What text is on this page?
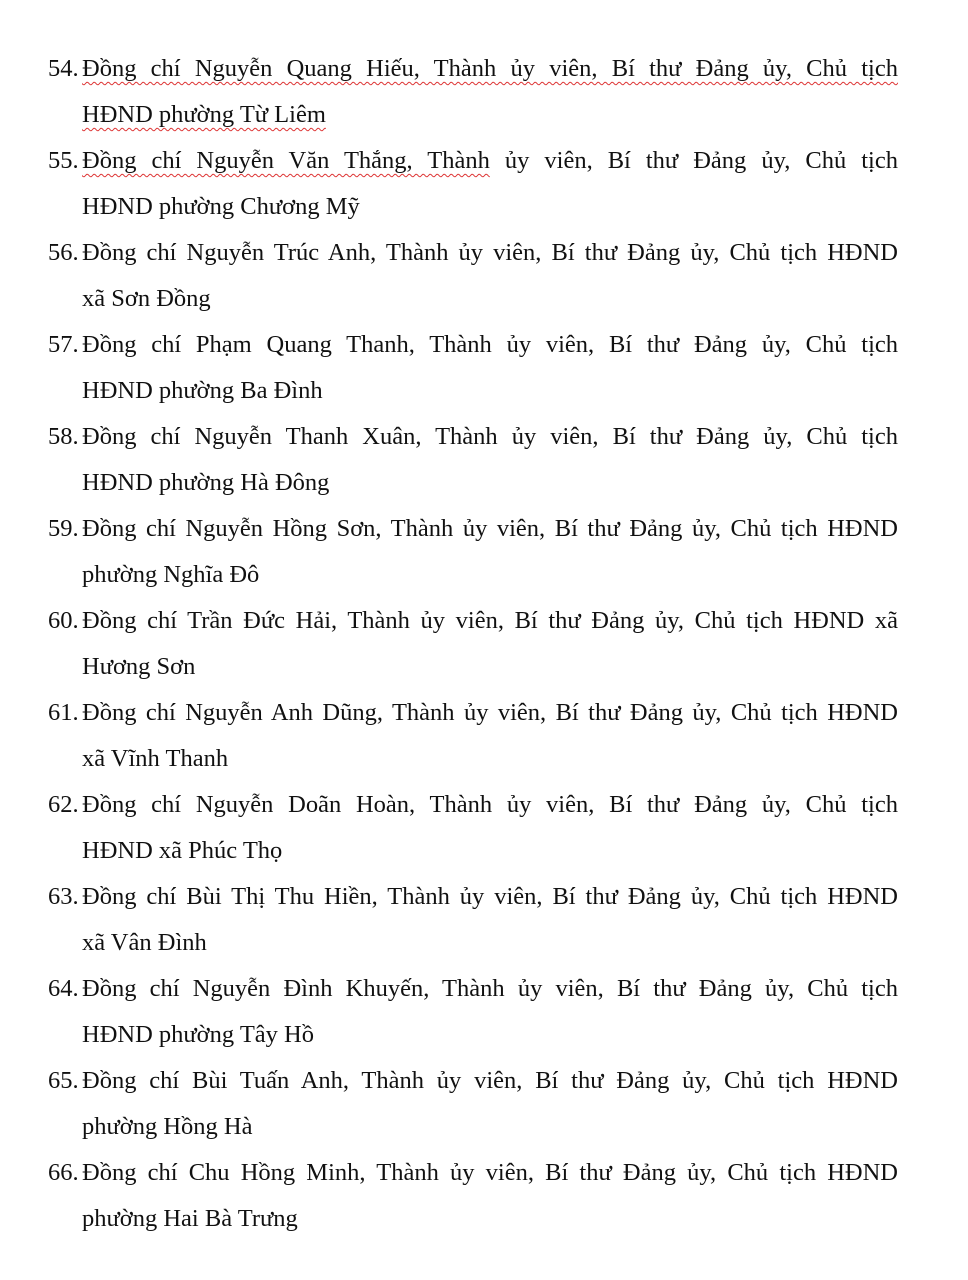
54. Đồng chí Nguyễn Quang Hiếu, Thành ủy viên, Bí thư Đảng ủy, Chủ tịch
HĐND phường Từ Liêm
55. Đồng chí Nguyễn Văn Thắng, Thành ủy viên, Bí thư Đảng ủy, Chủ tịch
HĐND phường Chương Mỹ
56. Đồng chí Nguyễn Trúc Anh, Thành ủy viên, Bí thư Đảng ủy, Chủ tịch HĐND
xã Sơn Đồng
57. Đồng chí Phạm Quang Thanh, Thành ủy viên, Bí thư Đảng ủy, Chủ tịch
HĐND phường Ba Đình
58. Đồng chí Nguyễn Thanh Xuân, Thành ủy viên, Bí thư Đảng ủy, Chủ tịch
HĐND phường Hà Đông
59. Đồng chí Nguyễn Hồng Sơn, Thành ủy viên, Bí thư Đảng ủy, Chủ tịch HĐND
phường Nghĩa Đô
60. Đồng chí Trần Đức Hải, Thành ủy viên, Bí thư Đảng ủy, Chủ tịch HĐND xã
Hương Sơn
61. Đồng chí Nguyễn Anh Dũng, Thành ủy viên, Bí thư Đảng ủy, Chủ tịch HĐND
xã Vĩnh Thanh
62. Đồng chí Nguyễn Doãn Hoàn, Thành ủy viên, Bí thư Đảng ủy, Chủ tịch
HĐND xã Phúc Thọ
63. Đồng chí Bùi Thị Thu Hiền, Thành ủy viên, Bí thư Đảng ủy, Chủ tịch HĐND
xã Vân Đình
64. Đồng chí Nguyễn Đình Khuyến, Thành ủy viên, Bí thư Đảng ủy, Chủ tịch
HĐND phường Tây Hồ
65. Đồng chí Bùi Tuấn Anh, Thành ủy viên, Bí thư Đảng ủy, Chủ tịch HĐND
phường Hồng Hà
66. Đồng chí Chu Hồng Minh, Thành ủy viên, Bí thư Đảng ủy, Chủ tịch HĐND
phường Hai Bà Trưng
